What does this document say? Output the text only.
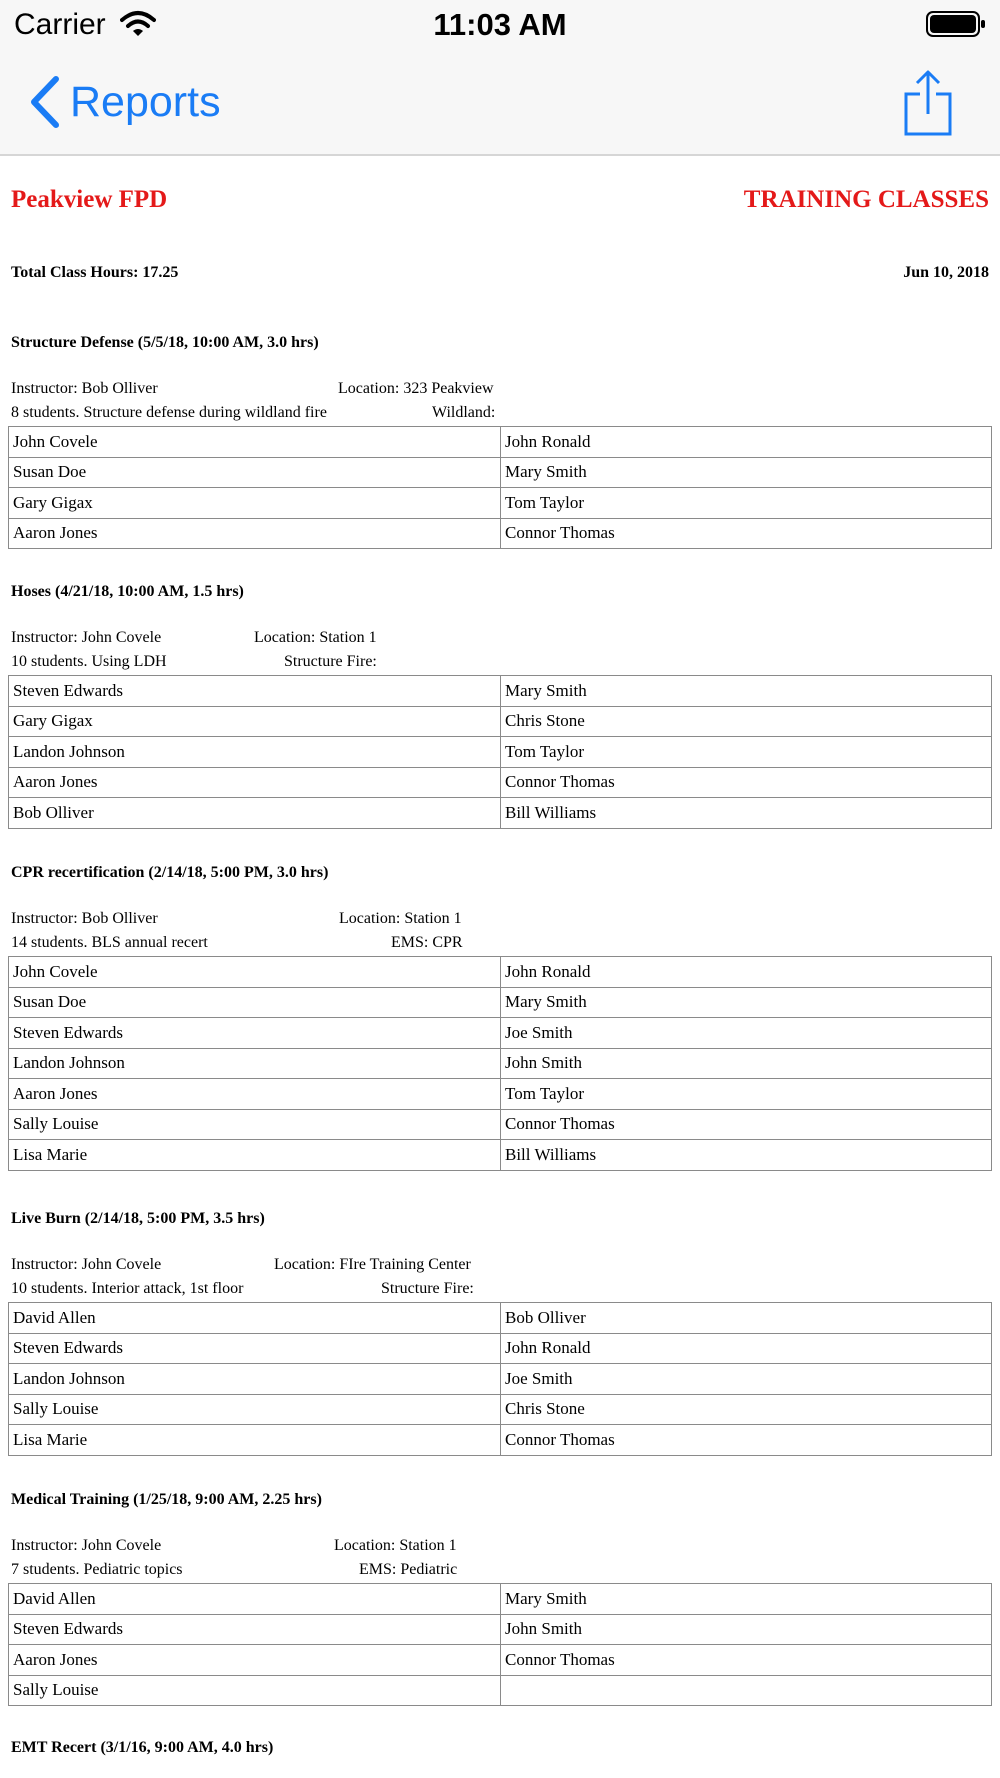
Carrier	11:03 AM
Reports
Peakview FPD	TRAINING CLASSES
Total Class Hours: 17.25	Jun 10, 2018
Structure Defense (5/5/18, 10:00 AM, 3.0 hrs)
Instructor: Bob Olliver	Location: 323 Peakview
8 students. Structure defense during wildland fire	Wildland:
John Covele	John Ronald
Susan Doe	Mary Smith
Gary Gigax	Tom Taylor
Aaron Jones	Connor Thomas
Hoses (4/21/18, 10:00 AM, 1.5 hrs)
Instructor: John Covele	Location: Station 1
10 students. Using LDH	Structure Fire:
Steven Edwards	Mary Smith
Gary Gigax	Chris Stone
Landon Johnson	Tom Taylor
Aaron Jones	Connor Thomas
Bob Olliver	Bill Williams
CPR recertification (2/14/18, 5:00 PM, 3.0 hrs)
Instructor: Bob Olliver	Location: Station 1
14 students. BLS annual recert	EMS: CPR
John Covele	John Ronald
Susan Doe	Mary Smith
Steven Edwards	Joe Smith
Landon Johnson	John Smith
Aaron Jones	Tom Taylor
Sally Louise	Connor Thomas
Lisa Marie	Bill Williams
Live Burn (2/14/18, 5:00 PM, 3.5 hrs)
Instructor: John Covele	Location: FIre Training Center
10 students. Interior attack, 1st floor	Structure Fire:
David Allen	Bob Olliver
Steven Edwards	John Ronald
Landon Johnson	Joe Smith
Sally Louise	Chris Stone
Lisa Marie	Connor Thomas
Medical Training (1/25/18, 9:00 AM, 2.25 hrs)
Instructor: John Covele	Location: Station 1
7 students. Pediatric topics	EMS: Pediatric
David Allen	Mary Smith
Steven Edwards	John Smith
Aaron Jones	Connor Thomas
Sally Louise	
EMT Recert (3/1/16, 9:00 AM, 4.0 hrs)
